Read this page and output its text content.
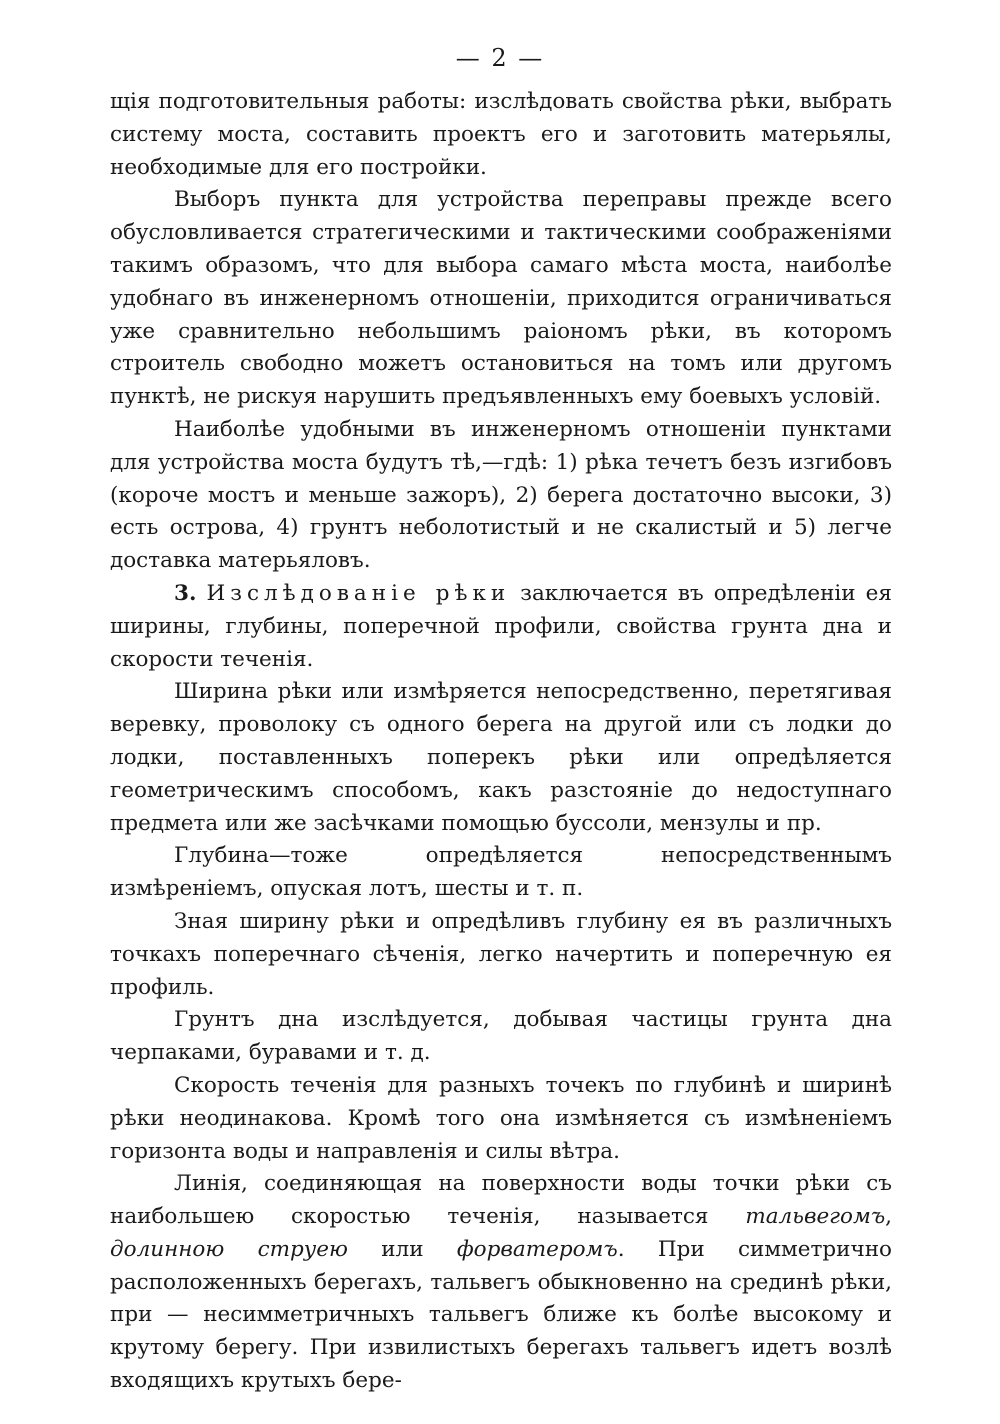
— 2 —

щія подготовительныя работы: изслѣдовать свойства рѣки, выбрать систему моста, составить проектъ его и заготовить матерьялы, необходимые для его постройки.

Выборъ пункта для устройства переправы прежде всего обусловливается стратегическими и тактическими соображеніями такимъ образомъ, что для выбора самаго мѣста моста, наиболѣе удобнаго въ инженерномъ отношеніи, приходится ограничиваться уже сравнительно небольшимъ раіономъ рѣки, въ которомъ строитель свободно можетъ остановиться на томъ или другомъ пунктѣ, не рискуя нарушить предъявленныхъ ему боевыхъ условій.

Наиболѣе удобными въ инженерномъ отношеніи пунктами для устройства моста будутъ тѣ,—гдѣ: 1) рѣка течетъ безъ изгибовъ (короче мостъ и меньше зажоръ), 2) берега достаточно высоки, 3) есть острова, 4) грунтъ неболотистый и не скалистый и 5) легче доставка матерьяловъ.

3. Изслѣдованіе рѣки заключается въ опредѣленіи ея ширины, глубины, поперечной профили, свойства грунта дна и скорости теченія.

Ширина рѣки или измѣряется непосредственно, перетягивая веревку, проволоку съ одного берега на другой или съ лодки до лодки, поставленныхъ поперекъ рѣки или опредѣляется геометрическимъ способомъ, какъ разстояніе до недоступнаго предмета или же засѣчками помощью буссоли, мензулы и пр.

Глубина—тоже опредѣляется непосредственнымъ измѣреніемъ, опуская лотъ, шесты и т. п.

Зная ширину рѣки и опредѣливъ глубину ея въ различныхъ точкахъ поперечнаго сѣченія, легко начертить и поперечную ея профиль.

Грунтъ дна изслѣдуется, добывая частицы грунта дна черпаками, буравами и т. д.

Скорость теченія для разныхъ точекъ по глубинѣ и ширинѣ рѣки неодинакова. Кромѣ того она измѣняется съ измѣненіемъ горизонта воды и направленія и силы вѣтра.

Линія, соединяющая на поверхности воды точки рѣки съ наибольшею скоростью теченія, называется тальвегомъ, долинною струею или форватеромъ. При симметрично расположенныхъ берегахъ, тальвегъ обыкновенно на срединѣ рѣки, при — несимметричныхъ тальвегъ ближе къ болѣе высокому и крутому берегу. При извилистыхъ берегахъ тальвегъ идетъ возлѣ входящихъ крутыхъ бере-
